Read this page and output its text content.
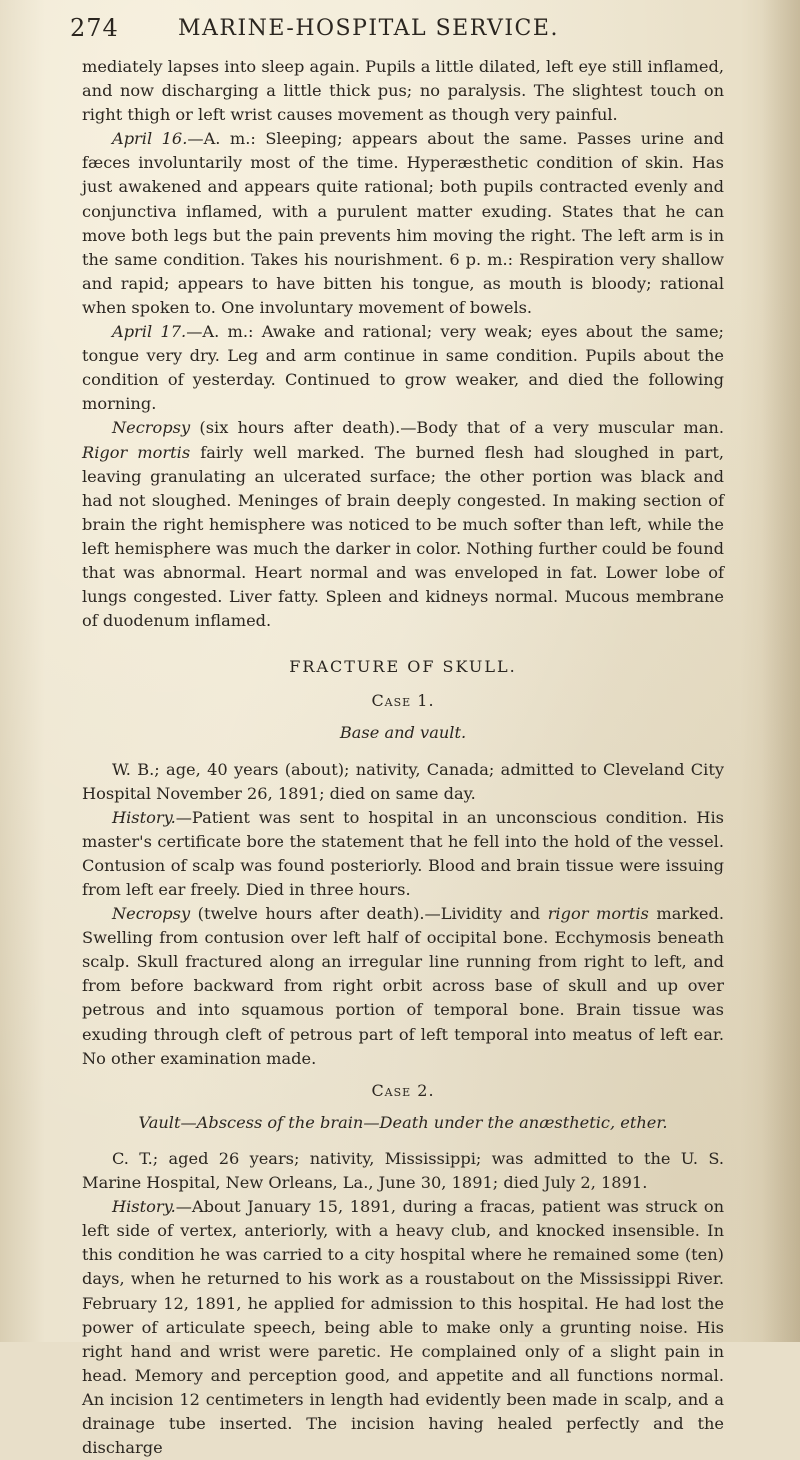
274	MARINE-HOSPITAL SERVICE.

mediately lapses into sleep again. Pupils a little dilated, left eye still inflamed, and now discharging a little thick pus; no paralysis. The slightest touch on right thigh or left wrist causes movement as though very painful.

April 16.—A. m.: Sleeping; appears about the same. Passes urine and fæces involuntarily most of the time. Hyperæsthetic condition of skin. Has just awakened and appears quite rational; both pupils contracted evenly and conjunctiva inflamed, with a purulent matter exuding. States that he can move both legs but the pain prevents him moving the right. The left arm is in the same condition. Takes his nourishment. 6 p. m.: Respiration very shallow and rapid; appears to have bitten his tongue, as mouth is bloody; rational when spoken to. One involuntary movement of bowels.

April 17.—A. m.: Awake and rational; very weak; eyes about the same; tongue very dry. Leg and arm continue in same condition. Pupils about the condition of yesterday. Continued to grow weaker, and died the following morning.

Necropsy (six hours after death).—Body that of a very muscular man. Rigor mortis fairly well marked. The burned flesh had sloughed in part, leaving granulating an ulcerated surface; the other portion was black and had not sloughed. Meninges of brain deeply congested. In making section of brain the right hemisphere was noticed to be much softer than left, while the left hemisphere was much the darker in color. Nothing further could be found that was abnormal. Heart normal and was enveloped in fat. Lower lobe of lungs congested. Liver fatty. Spleen and kidneys normal. Mucous membrane of duodenum inflamed.

FRACTURE OF SKULL.
Case 1.
Base and vault.

W. B.; age, 40 years (about); nativity, Canada; admitted to Cleveland City Hospital November 26, 1891; died on same day.

History.—Patient was sent to hospital in an unconscious condition. His master's certificate bore the statement that he fell into the hold of the vessel. Contusion of scalp was found posteriorly. Blood and brain tissue were issuing from left ear freely. Died in three hours.

Necropsy (twelve hours after death).—Lividity and rigor mortis marked. Swelling from contusion over left half of occipital bone. Ecchymosis beneath scalp. Skull fractured along an irregular line running from right to left, and from before backward from right orbit across base of skull and up over petrous and into squamous portion of temporal bone. Brain tissue was exuding through cleft of petrous part of left temporal into meatus of left ear. No other examination made.

Case 2.
Vault—Abscess of the brain—Death under the anæsthetic, ether.

C. T.; aged 26 years; nativity, Mississippi; was admitted to the U. S. Marine Hospital, New Orleans, La., June 30, 1891; died July 2, 1891.

History.—About January 15, 1891, during a fracas, patient was struck on left side of vertex, anteriorly, with a heavy club, and knocked insensible. In this condition he was carried to a city hospital where he remained some (ten) days, when he returned to his work as a roustabout on the Mississippi River. February 12, 1891, he applied for admission to this hospital. He had lost the power of articulate speech, being able to make only a grunting noise. His right hand and wrist were paretic. He complained only of a slight pain in head. Memory and perception good, and appetite and all functions normal. An incision 12 centimeters in length had evidently been made in scalp, and a drainage tube inserted. The incision having healed perfectly and the discharge
